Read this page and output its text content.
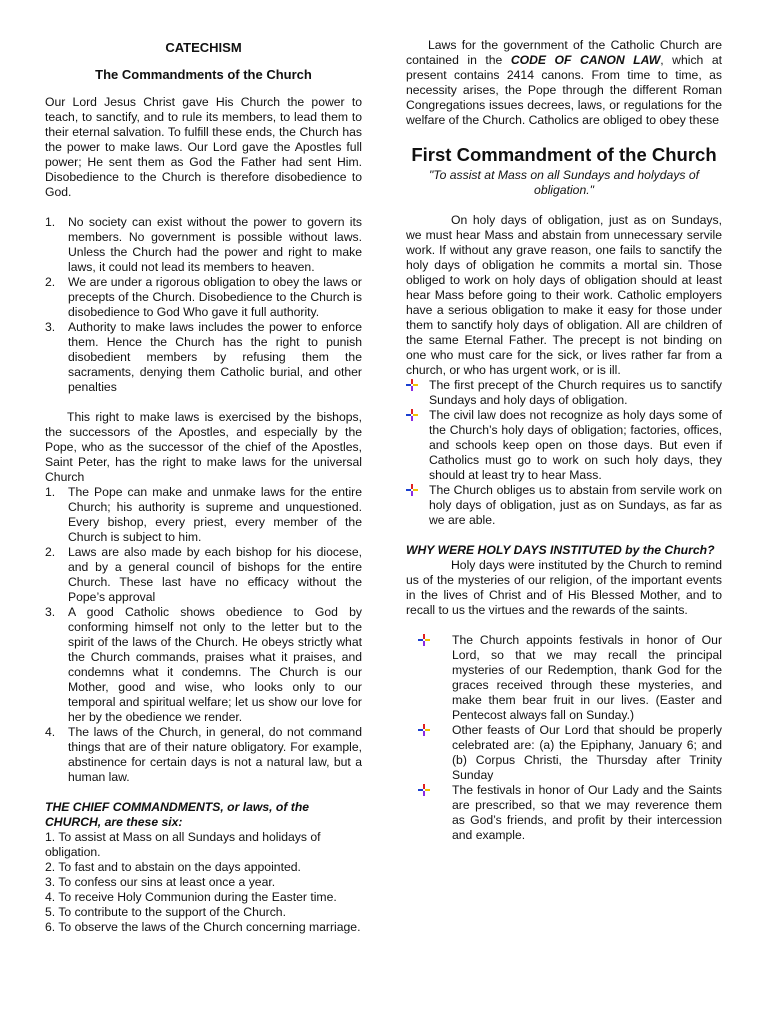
CATECHISM

The Commandments of the Church

Our Lord Jesus Christ gave His Church the power to teach, to sanctify, and to rule its members, to lead them to their eternal salvation. To fulfill these ends, the Church has the power to make laws. Our Lord gave the Apostles full power; He sent them as God the Father had sent Him. Disobedience to the Church is therefore disobedience to God.

1. No society can exist without the power to govern its members. No government is possible without laws. Unless the Church had the power and right to make laws, it could not lead its members to heaven.
2. We are under a rigorous obligation to obey the laws or precepts of the Church. Disobedience to the Church is disobedience to God Who gave it full authority.
3. Authority to make laws includes the power to enforce them. Hence the Church has the right to punish disobedient members by refusing them the sacraments, denying them Catholic burial, and other penalties

This right to make laws is exercised by the bishops, the successors of the Apostles, and especially by the Pope, who as the successor of the chief of the Apostles, Saint Peter, has the right to make laws for the universal Church

1. The Pope can make and unmake laws for the entire Church; his authority is supreme and unquestioned. Every bishop, every priest, every member of the Church is subject to him.
2. Laws are also made by each bishop for his diocese, and by a general council of bishops for the entire Church. These last have no efficacy without the Pope’s approval
3. A good Catholic shows obedience to God by conforming himself not only to the letter but to the spirit of the laws of the Church. He obeys strictly what the Church commands, praises what it praises, and condemns what it condemns. The Church is our Mother, good and wise, who looks only to our temporal and spiritual welfare; let us show our love for her by the obedience we render.
4. The laws of the Church, in general, do not command things that are of their nature obligatory. For example, abstinence for certain days is not a natural law, but a human law.

THE CHIEF COMMANDMENTS, or laws, of the CHURCH, are these six:

1. To assist at Mass on all Sundays and holidays of obligation.

2. To fast and to abstain on the days appointed.

3. To confess our sins at least once a year.

4. To receive Holy Communion during the Easter time.

5. To contribute to the support of the Church.

6. To observe the laws of the Church concerning marriage.

Laws for the government of the Catholic Church are contained in the CODE OF CANON LAW, which at present contains 2414 canons. From time to time, as necessity arises, the Pope through the different Roman Congregations issues decrees, laws, or regulations for the welfare of the Church. Catholics are obliged to obey these

First Commandment of the Church

"To assist at Mass on all Sundays and holydays of obligation."

On holy days of obligation, just as on Sundays, we must hear Mass and abstain from unnecessary servile work. If without any grave reason, one fails to sanctify the holy days of obligation he commits a mortal sin. Those obliged to work on holy days of obligation should at least hear Mass before going to their work. Catholic employers have a serious obligation to make it easy for those under them to sanctify holy days of obligation. All are children of the same Eternal Father. The precept is not binding on one who must care for the sick, or lives rather far from a church, or who has urgent work, or is ill.

The first precept of the Church requires us to sanctify Sundays and holy days of obligation.
The civil law does not recognize as holy days some of the Church’s holy days of obligation; factories, offices, and schools keep open on those days. But even if Catholics must go to work on such holy days, they should at least try to hear Mass.
The Church obliges us to abstain from servile work on holy days of obligation, just as on Sundays, as far as we are able.

WHY WERE HOLY DAYS INSTITUTED by the Church?

Holy days were instituted by the Church to remind us of the mysteries of our religion, of the important events in the lives of Christ and of His Blessed Mother, and to recall to us the virtues and the rewards of the saints.

The Church appoints festivals in honor of Our Lord, so that we may recall the principal mysteries of our Redemption, thank God for the graces received through these mysteries, and make them bear fruit in our lives. (Easter and Pentecost always fall on Sunday.)
Other feasts of Our Lord that should be properly celebrated are: (a) the Epiphany, January 6; and (b) Corpus Christi, the Thursday after Trinity Sunday
The festivals in honor of Our Lady and the Saints are prescribed, so that we may reverence them as God’s friends, and profit by their intercession and example.
